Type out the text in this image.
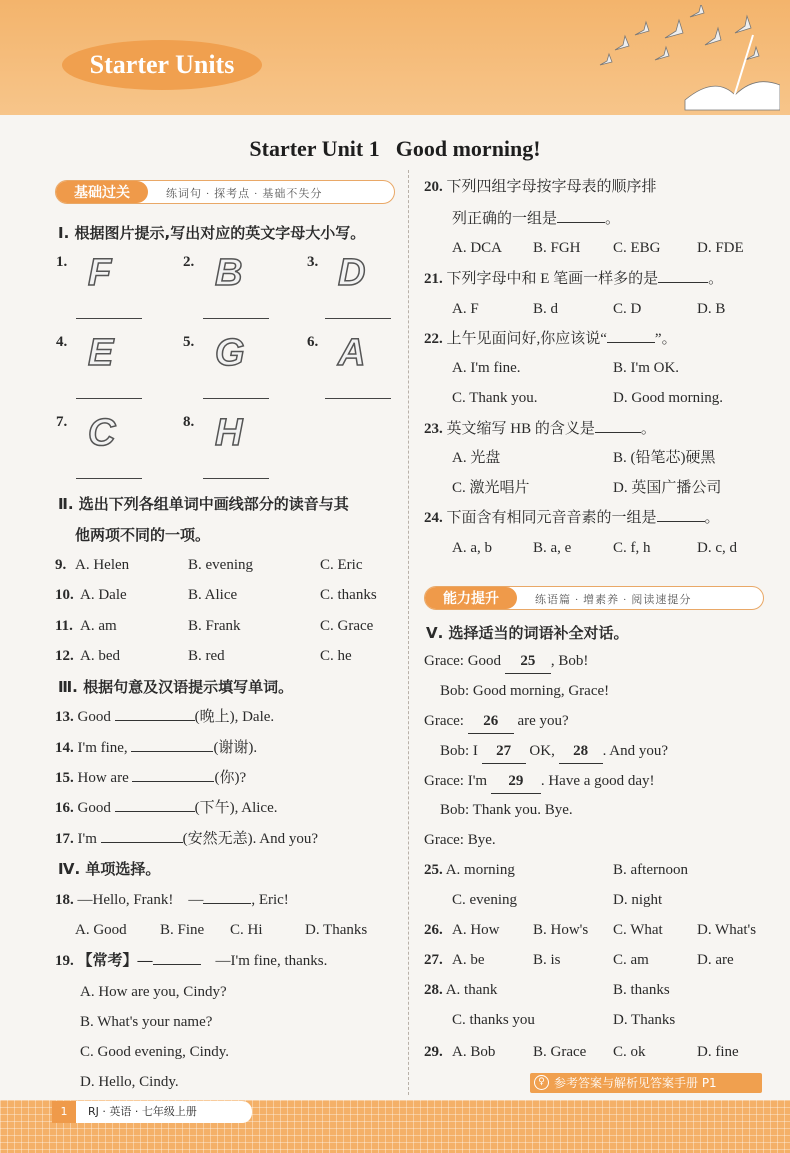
Starter Units
Starter Unit 1 Good morning!
基础过关	练词句 · 探考点 · 基础不失分
Ⅰ. 根据图片提示,写出对应的英文字母大小写。
1. F	2. B	3. D
4. E	5. G	6. A
7. C	8. H
Ⅱ. 选出下列各组单词中画线部分的读音与其
他两项不同的一项。
9. A. Helen	B. evening	C. Eric
10. A. Dale	B. Alice	C. thanks
11. A. am	B. Frank	C. Grace
12. A. bed	B. red	C. he
Ⅲ. 根据句意及汉语提示填写单词。
13. Good	(晚上), Dale.
14. I'm fine,	(谢谢).
15. How are	(你)?
16. Good	(下午), Alice.
17. I'm	(安然无恙). And you?
Ⅳ. 单项选择。
18. —Hello, Frank!　—	, Eric!
A. Good B. Fine C. Hi	D. Thanks
19. 【常考】—　	—I'm fine, thanks.
A. How are you, Cindy?
B. What's your name?
C. Good evening, Cindy.
D. Hello, Cindy.
20. 下列四组字母按字母表的顺序排
列正确的一组是	。
A. DCA B. FGH C. EBG D. FDE
21. 下列字母中和 E 笔画一样多的是	。
A. F	B. d	C. D	D. B
22. 上午见面问好,你应该说“	”。
A. I'm fine.	B. I'm OK.
C. Thank you.	D. Good morning.
23. 英文缩写 HB 的含义是	。
A. 光盘	B. (铅笔芯)硬黑
C. 激光唱片	D. 英国广播公司
24. 下面含有相同元音音素的一组是	。
A. a, b	B. a, e	C. f, h	D. c, d
能力提升	练语篇 · 增素养 · 阅读速提分
Ⅴ. 选择适当的词语补全对话。
Grace: Good 25 , Bob!
Bob: Good morning, Grace!
Grace: 26 are you?
Bob: I 27 OK, 28 . And you?
Grace: I'm 29 . Have a good day!
Bob: Thank you. Bye.
Grace: Bye.
25. A. morning	B. afternoon
C. evening	D. night
26. A. How B. How's C. What D. What's
27. A. be	B. is	C. am	D. are
28. A. thank	B. thanks
C. thanks you	D. Thanks
29. A. Bob	B. Grace C. ok	D. fine
♀ 参考答案与解析见答案手册 P1
1 RJ · 英语 · 七年级上册
